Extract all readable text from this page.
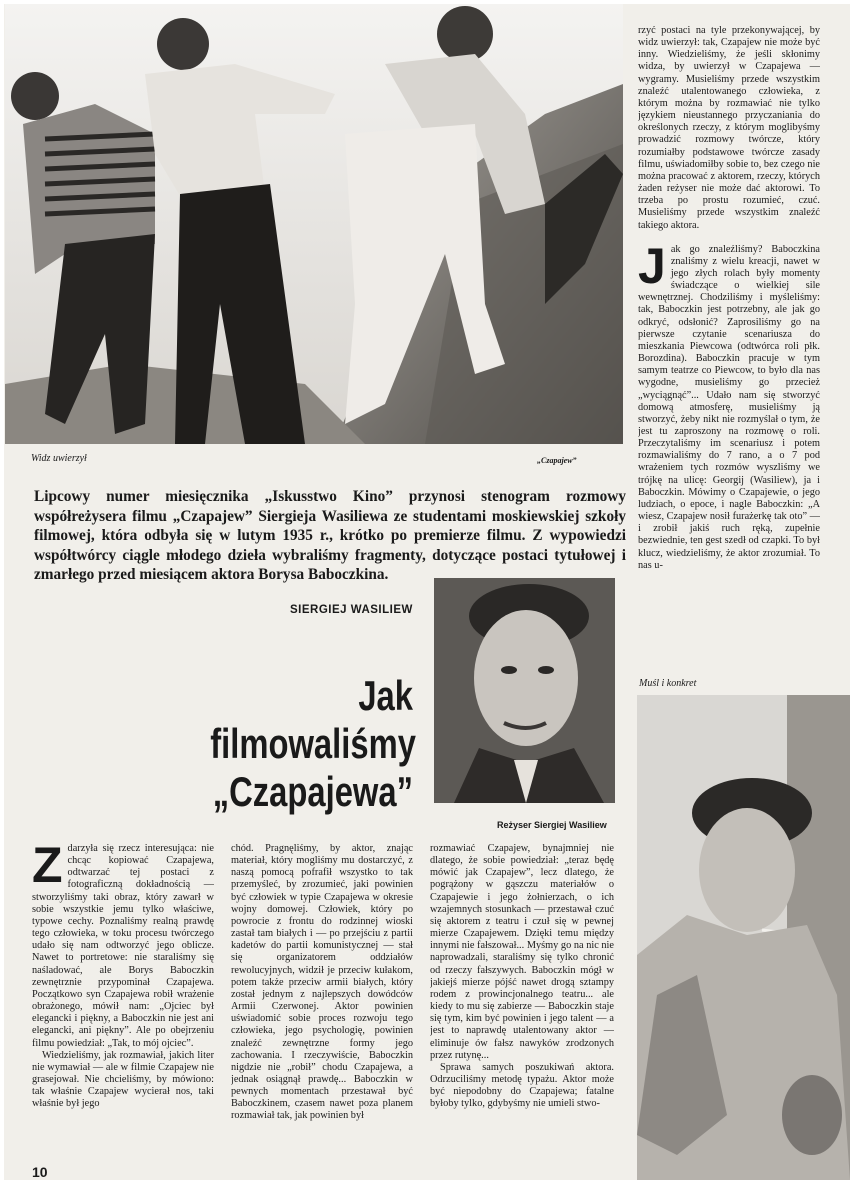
Widz uwierzył	„Czapajew”
Lipcowy numer miesięcznika „Iskusstwo Kino” przynosi stenogram rozmowy współreżysera filmu „Czapajew” Siergieja Wasiliewa ze studentami moskiewskiej szkoły filmowej, która odbyła się w lutym 1935 r., krótko po premierze filmu. Z wypowiedzi współtwórcy ciągle młodego dzieła wybraliśmy fragmenty, dotyczące postaci tytułowej i zmarłego przed miesiącem aktora Borysa Baboczkina.
SIERGIEJ WASILIEW
Jak
filmowaliśmy
„Czapajewa”
Reżyser Siergiej Wasiliew

rzyć postaci na tyle przekonywającej, by widz uwierzył: tak, Czapajew nie może być inny. Wiedzieliśmy, że jeśli skłonimy widza, by uwierzył w Czapajewa — wygramy. Musieliśmy przede wszystkim znaleźć utalentowanego człowieka, z którym można by rozmawiać nie tylko językiem nieustannego przyczaniania do określonych rzeczy, z którym moglibyśmy prowadzić rozmowy twórcze, który rozumiałby podstawowe twórcze zasady filmu, uświadomiłby sobie to, bez czego nie można pracować z aktorem, rzeczy, których żaden reżyser nie może dać aktorowi. To trzeba po prostu rozumieć, czuć. Musieliśmy przede wszystkim znaleźć takiego aktora.

Jak go znaleźliśmy? Baboczkina znaliśmy z wielu kreacji, nawet w jego złych rolach były momenty świadczące o wielkiej sile wewnętrznej. Chodziliśmy i myśleliśmy: tak, Baboczkin jest potrzebny, ale jak go odkryć, odsłonić? Zaprosiliśmy go na pierwsze czytanie scenariusza do mieszkania Piewcowa (odtwórca roli płk. Borozdina). Baboczkin pracuje w tym samym teatrze co Piewcow, to było dla nas wygodne, musieliśmy go przecież „wyciągnąć”... Udało nam się stworzyć domową atmosferę, musieliśmy ją stworzyć, żeby nikt nie rozmyślał o tym, że jest tu zaproszony na rozmowę o roli. Przeczytaliśmy im scenariusz i potem rozmawialiśmy do 7 rano, a o 7 pod wrażeniem tych rozmów wyszliśmy we trójkę na ulicę: Georgij (Wasiliew), ja i Baboczkin. Mówimy o Czapajewie, o jego ludziach, o epoce, i nagle Baboczkin: „A wiesz, Czapajew nosił furażerkę tak oto” — i zrobił jakiś ruch ręką, zupełnie bezwiednie, ten gest szedł od czapki. To był klucz, wiedzieliśmy, że aktor zrozumiał. To nas u-

Muśl i konkret

Zdarzyła się rzecz interesująca: nie chcąc kopiować Czapajewa, odtwarzać tej postaci z fotograficzną dokładnością — stworzyliśmy taki obraz, który zawarł w sobie wszystkie jemu tylko właściwe, typowe cechy. Poznaliśmy realną prawdę tego człowieka, w toku procesu twórczego udało się nam odtworzyć jego oblicze. Nawet to portretowe: nie staraliśmy się naśladować, ale Borys Baboczkin zewnętrznie przypominał Czapajewa. Początkowo syn Czapajewa robił wrażenie obrażonego, mówił nam: „Ojciec był elegancki i piękny, a Baboczkin nie jest ani elegancki, ani piękny”. Ale po obejrzeniu filmu powiedział: „Tak, to mój ojciec”.

Wiedzieliśmy, jak rozmawiał, jakich liter nie wymawiał — ale w filmie Czapajew nie grasejował. Nie chcieliśmy, by mówiono: tak właśnie Czapajew wycierał nos, taki właśnie był jego

chód. Pragnęliśmy, by aktor, znając materiał, który mogliśmy mu dostarczyć, z naszą pomocą pofrafił wszystko to tak przemyśleć, by zrozumieć, jaki powinien być człowiek w typie Czapajewa w okresie wojny domowej. Człowiek, który po powrocie z frontu do rodzinnej wioski zastał tam białych i — po przejściu z partii kadetów do partii komunistycznej — stał się organizatorem oddziałów rewolucyjnych, widził je przeciw kułakom, potem także przeciw armii białych, który został jednym z najlepszych dowódców Armii Czerwonej. Aktor powinien uświadomić sobie proces rozwoju tego człowieka, jego psychologię, powinien znaleźć zewnętrzne formy jego zachowania. I rzeczywiście, Baboczkin nigdzie nie „robił” chodu Czapajewa, a jednak osiągnął prawdę... Baboczkin w pewnych momentach przestawał być Baboczkinem, czasem nawet poza planem rozmawiał tak, jak powinien był

rozmawiać Czapajew, bynajmniej nie dlatego, że sobie powiedział: „teraz będę mówić jak Czapajew”, lecz dlatego, że pogrążony w gąszczu materiałów o Czapajewie i jego żołnierzach, o ich wzajemnych stosunkach — przestawał czuć się aktorem z teatru i czuł się w pewnej mierze Czapajewem. Dzięki temu między innymi nie fałszował... Myśmy go na nic nie naprowadzali, staraliśmy się tylko chronić od rzeczy fałszywych. Baboczkin mógł w jakiejś mierze pójść nawet drogą sztampy rodem z prowincjonalnego teatru... ale kiedy to mu się zabierze — Baboczkin staje się tym, kim być powinien i jego talent — a jest to naprawdę utalentowany aktor — eliminuje ów fałsz nawyków zrodzonych przez rutynę...

Sprawa samych poszukiwań aktora. Odrzuciliśmy metodę typażu. Aktor może być niepodobny do Czapajewa; fatalne byłoby tylko, gdybyśmy nie umieli stwo-

10
